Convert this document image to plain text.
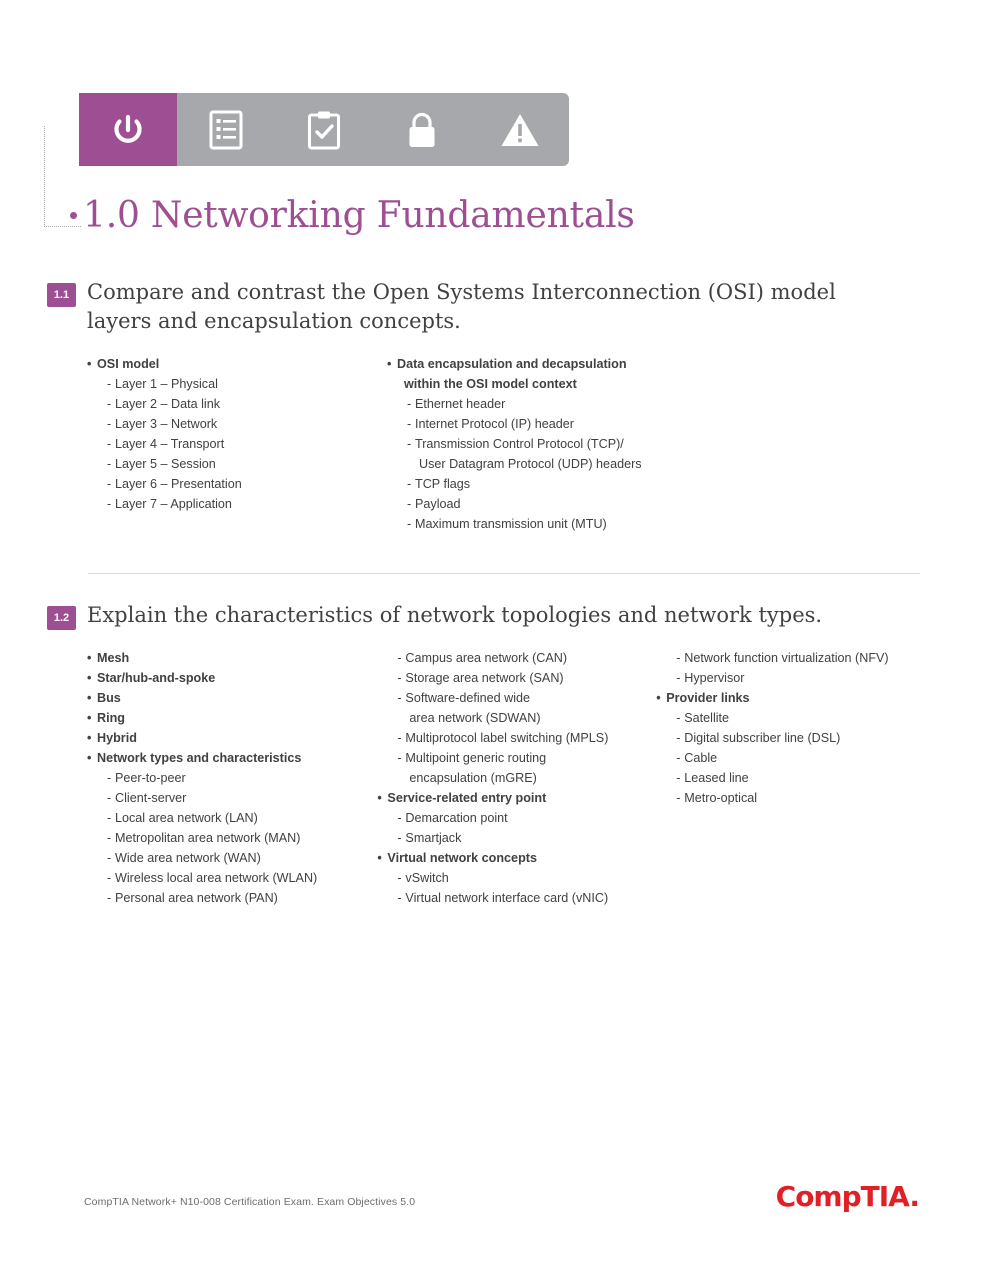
1.0 Networking Fundamentals
1.1 Compare and contrast the Open Systems Interconnection (OSI) model layers and encapsulation concepts.
• OSI model
- Layer 1 – Physical
- Layer 2 – Data link
- Layer 3 – Network
- Layer 4 – Transport
- Layer 5 – Session
- Layer 6 – Presentation
- Layer 7 – Application
• Data encapsulation and decapsulation
within the OSI model context
- Ethernet header
- Internet Protocol (IP) header
- Transmission Control Protocol (TCP)/
User Datagram Protocol (UDP) headers
- TCP flags
- Payload
- Maximum transmission unit (MTU)
1.2 Explain the characteristics of network topologies and network types.
• Mesh
• Star/hub-and-spoke
• Bus
• Ring
• Hybrid
• Network types and characteristics
- Peer-to-peer
- Client-server
- Local area network (LAN)
- Metropolitan area network (MAN)
- Wide area network (WAN)
- Wireless local area network (WLAN)
- Personal area network (PAN)
- Campus area network (CAN)
- Storage area network (SAN)
- Software-defined wide
area network (SDWAN)
- Multiprotocol label switching (MPLS)
- Multipoint generic routing
encapsulation (mGRE)
• Service-related entry point
- Demarcation point
- Smartjack
• Virtual network concepts
- vSwitch
- Virtual network interface card (vNIC)
- Network function virtualization (NFV)
- Hypervisor
• Provider links
- Satellite
- Digital subscriber line (DSL)
- Cable
- Leased line
- Metro-optical
CompTIA Network+ N10-008 Certification Exam. Exam Objectives 5.0	CompTIA.
